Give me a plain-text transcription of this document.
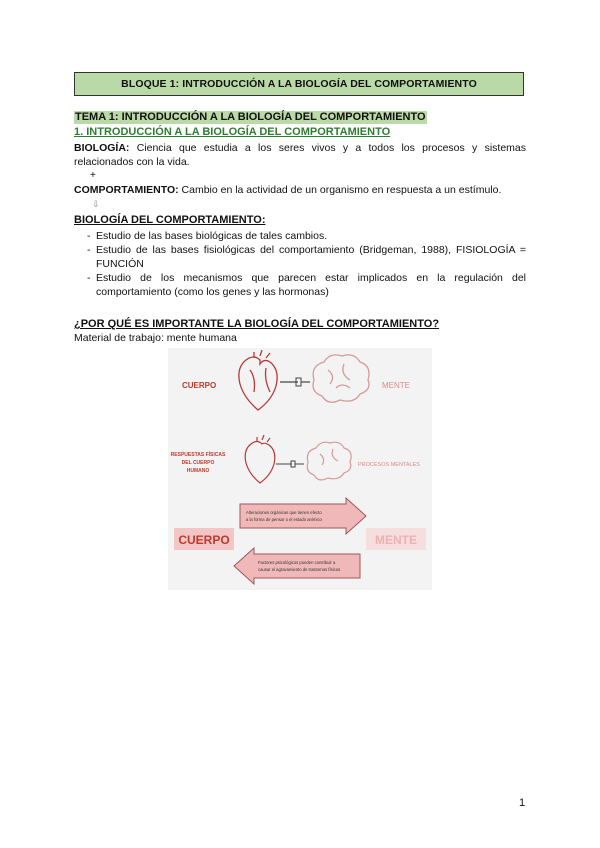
BLOQUE 1: INTRODUCCIÓN A LA BIOLOGÍA DEL COMPORTAMIENTO
TEMA 1: INTRODUCCIÓN A LA BIOLOGÍA DEL COMPORTAMIENTO
1. INTRODUCCIÓN A LA BIOLOGÍA DEL COMPORTAMIENTO
BIOLOGÍA: Ciencia que estudia a los seres vivos y a todos los procesos y sistemas relacionados con la vida.
+
COMPORTAMIENTO: Cambio en la actividad de un organismo en respuesta a un estímulo.
⇩
BIOLOGÍA DEL COMPORTAMIENTO:
- Estudio de las bases biológicas de tales cambios.
- Estudio de las bases fisiológicas del comportamiento (Bridgeman, 1988), FISIOLOGÍA = FUNCIÓN
- Estudio de los mecanismos que parecen estar implicados en la regulación del comportamiento (como los genes y las hormonas)
¿POR QUÉ ES IMPORTANTE LA BIOLOGÍA DEL COMPORTAMIENTO?
Material de trabajo: mente humana
CUERPO	MENTE
RESPUESTAS FÍSICAS
DEL CUERPO
HUMANO
PROCESOS MENTALES
Alteraciones orgánicas que tienen efecto
a la forma de pensar o el estado anímico
CUERPO	MENTE
Factores psicológicos pueden contribuir a
causar el agravamiento de trastornos físicos
1
